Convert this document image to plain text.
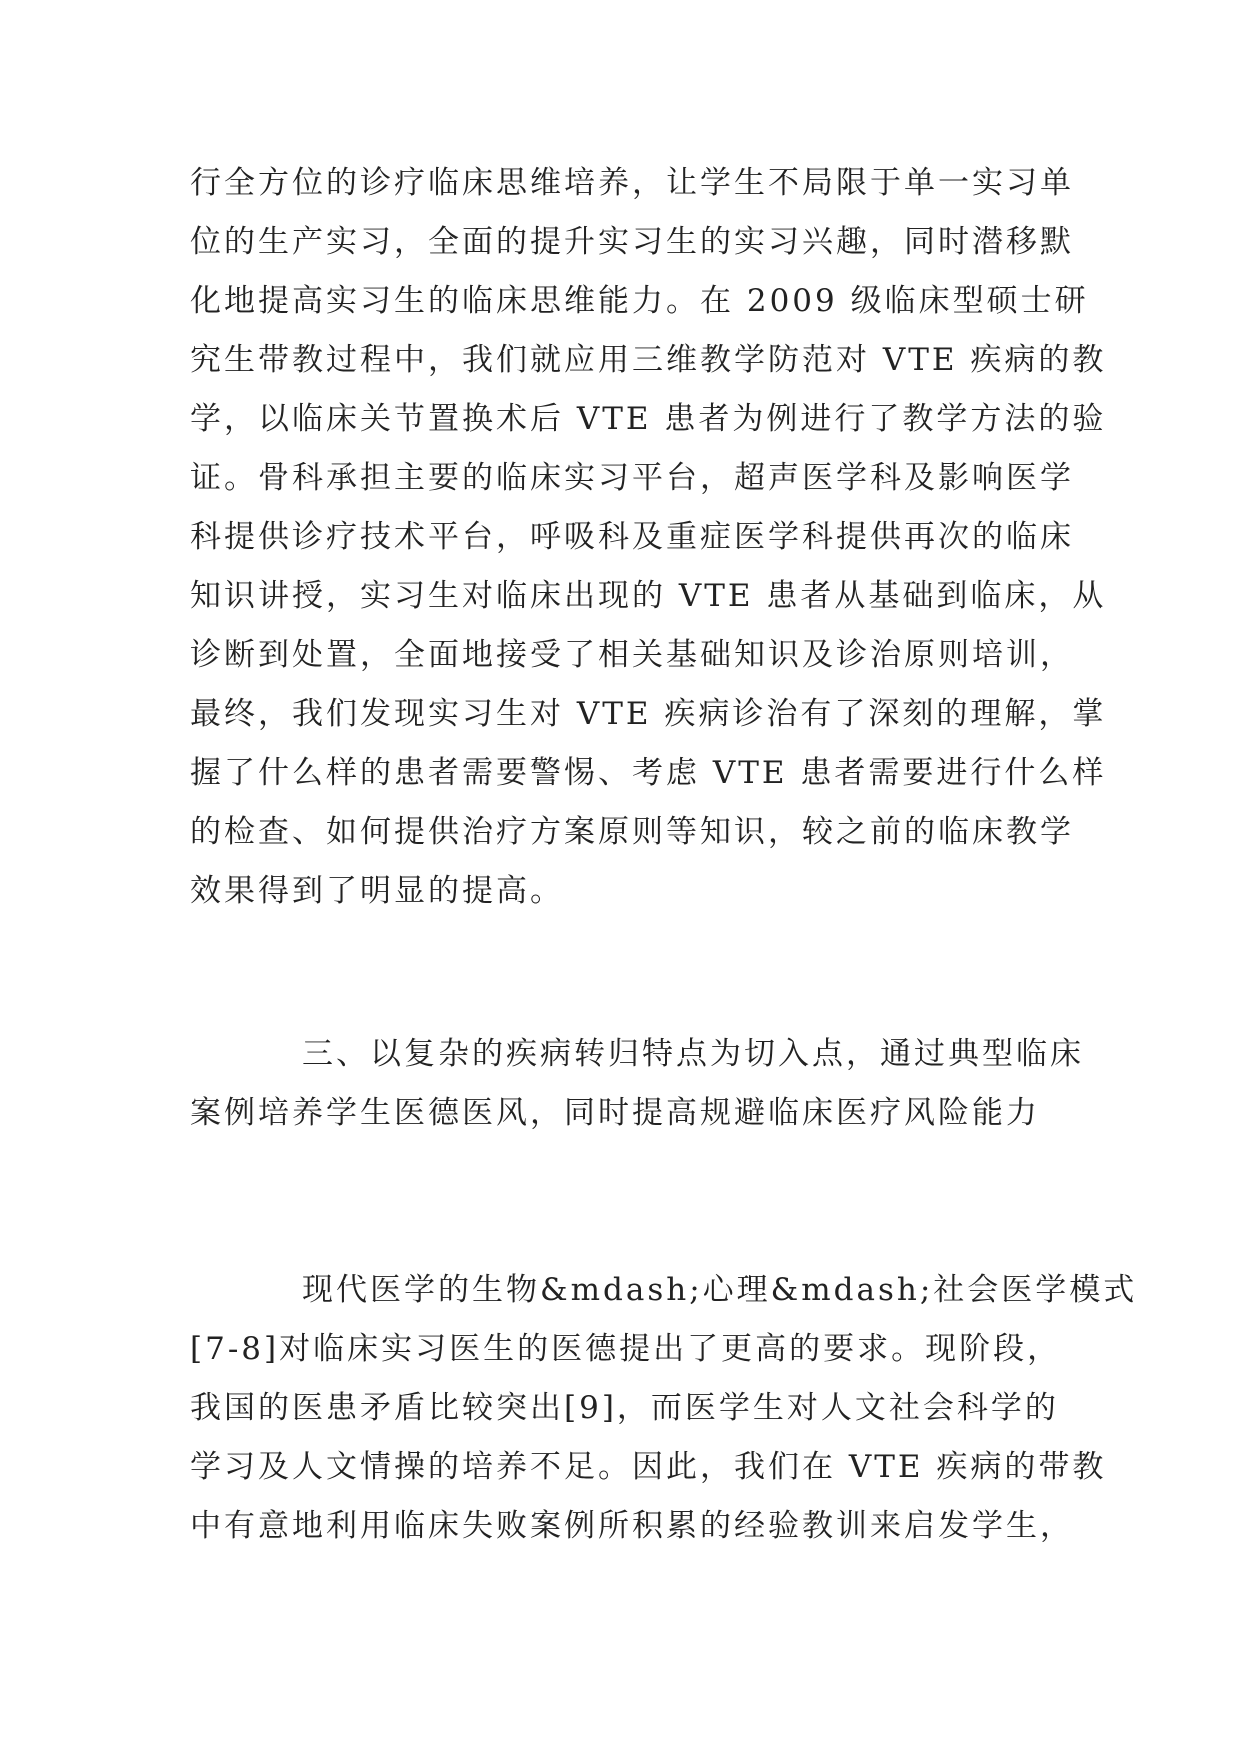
行全方位的诊疗临床思维培养，让学生不局限于单一实习单
位的生产实习，全面的提升实习生的实习兴趣，同时潜移默
化地提高实习生的临床思维能力。在 2009 级临床型硕士研
究生带教过程中，我们就应用三维教学防范对 VTE 疾病的教
学，以临床关节置换术后 VTE 患者为例进行了教学方法的验
证。骨科承担主要的临床实习平台，超声医学科及影响医学
科提供诊疗技术平台，呼吸科及重症医学科提供再次的临床
知识讲授，实习生对临床出现的 VTE 患者从基础到临床，从
诊断到处置，全面地接受了相关基础知识及诊治原则培训，
最终，我们发现实习生对 VTE 疾病诊治有了深刻的理解，掌
握了什么样的患者需要警惕、考虑 VTE 患者需要进行什么样
的检查、如何提供治疗方案原则等知识，较之前的临床教学
效果得到了明显的提高。
三、以复杂的疾病转归特点为切入点，通过典型临床
案例培养学生医德医风，同时提高规避临床医疗风险能力
现代医学的生物&mdash;心理&mdash;社会医学模式
[7-8]对临床实习医生的医德提出了更高的要求。现阶段，
我国的医患矛盾比较突出[9]，而医学生对人文社会科学的
学习及人文情操的培养不足。因此，我们在 VTE 疾病的带教
中有意地利用临床失败案例所积累的经验教训来启发学生，
